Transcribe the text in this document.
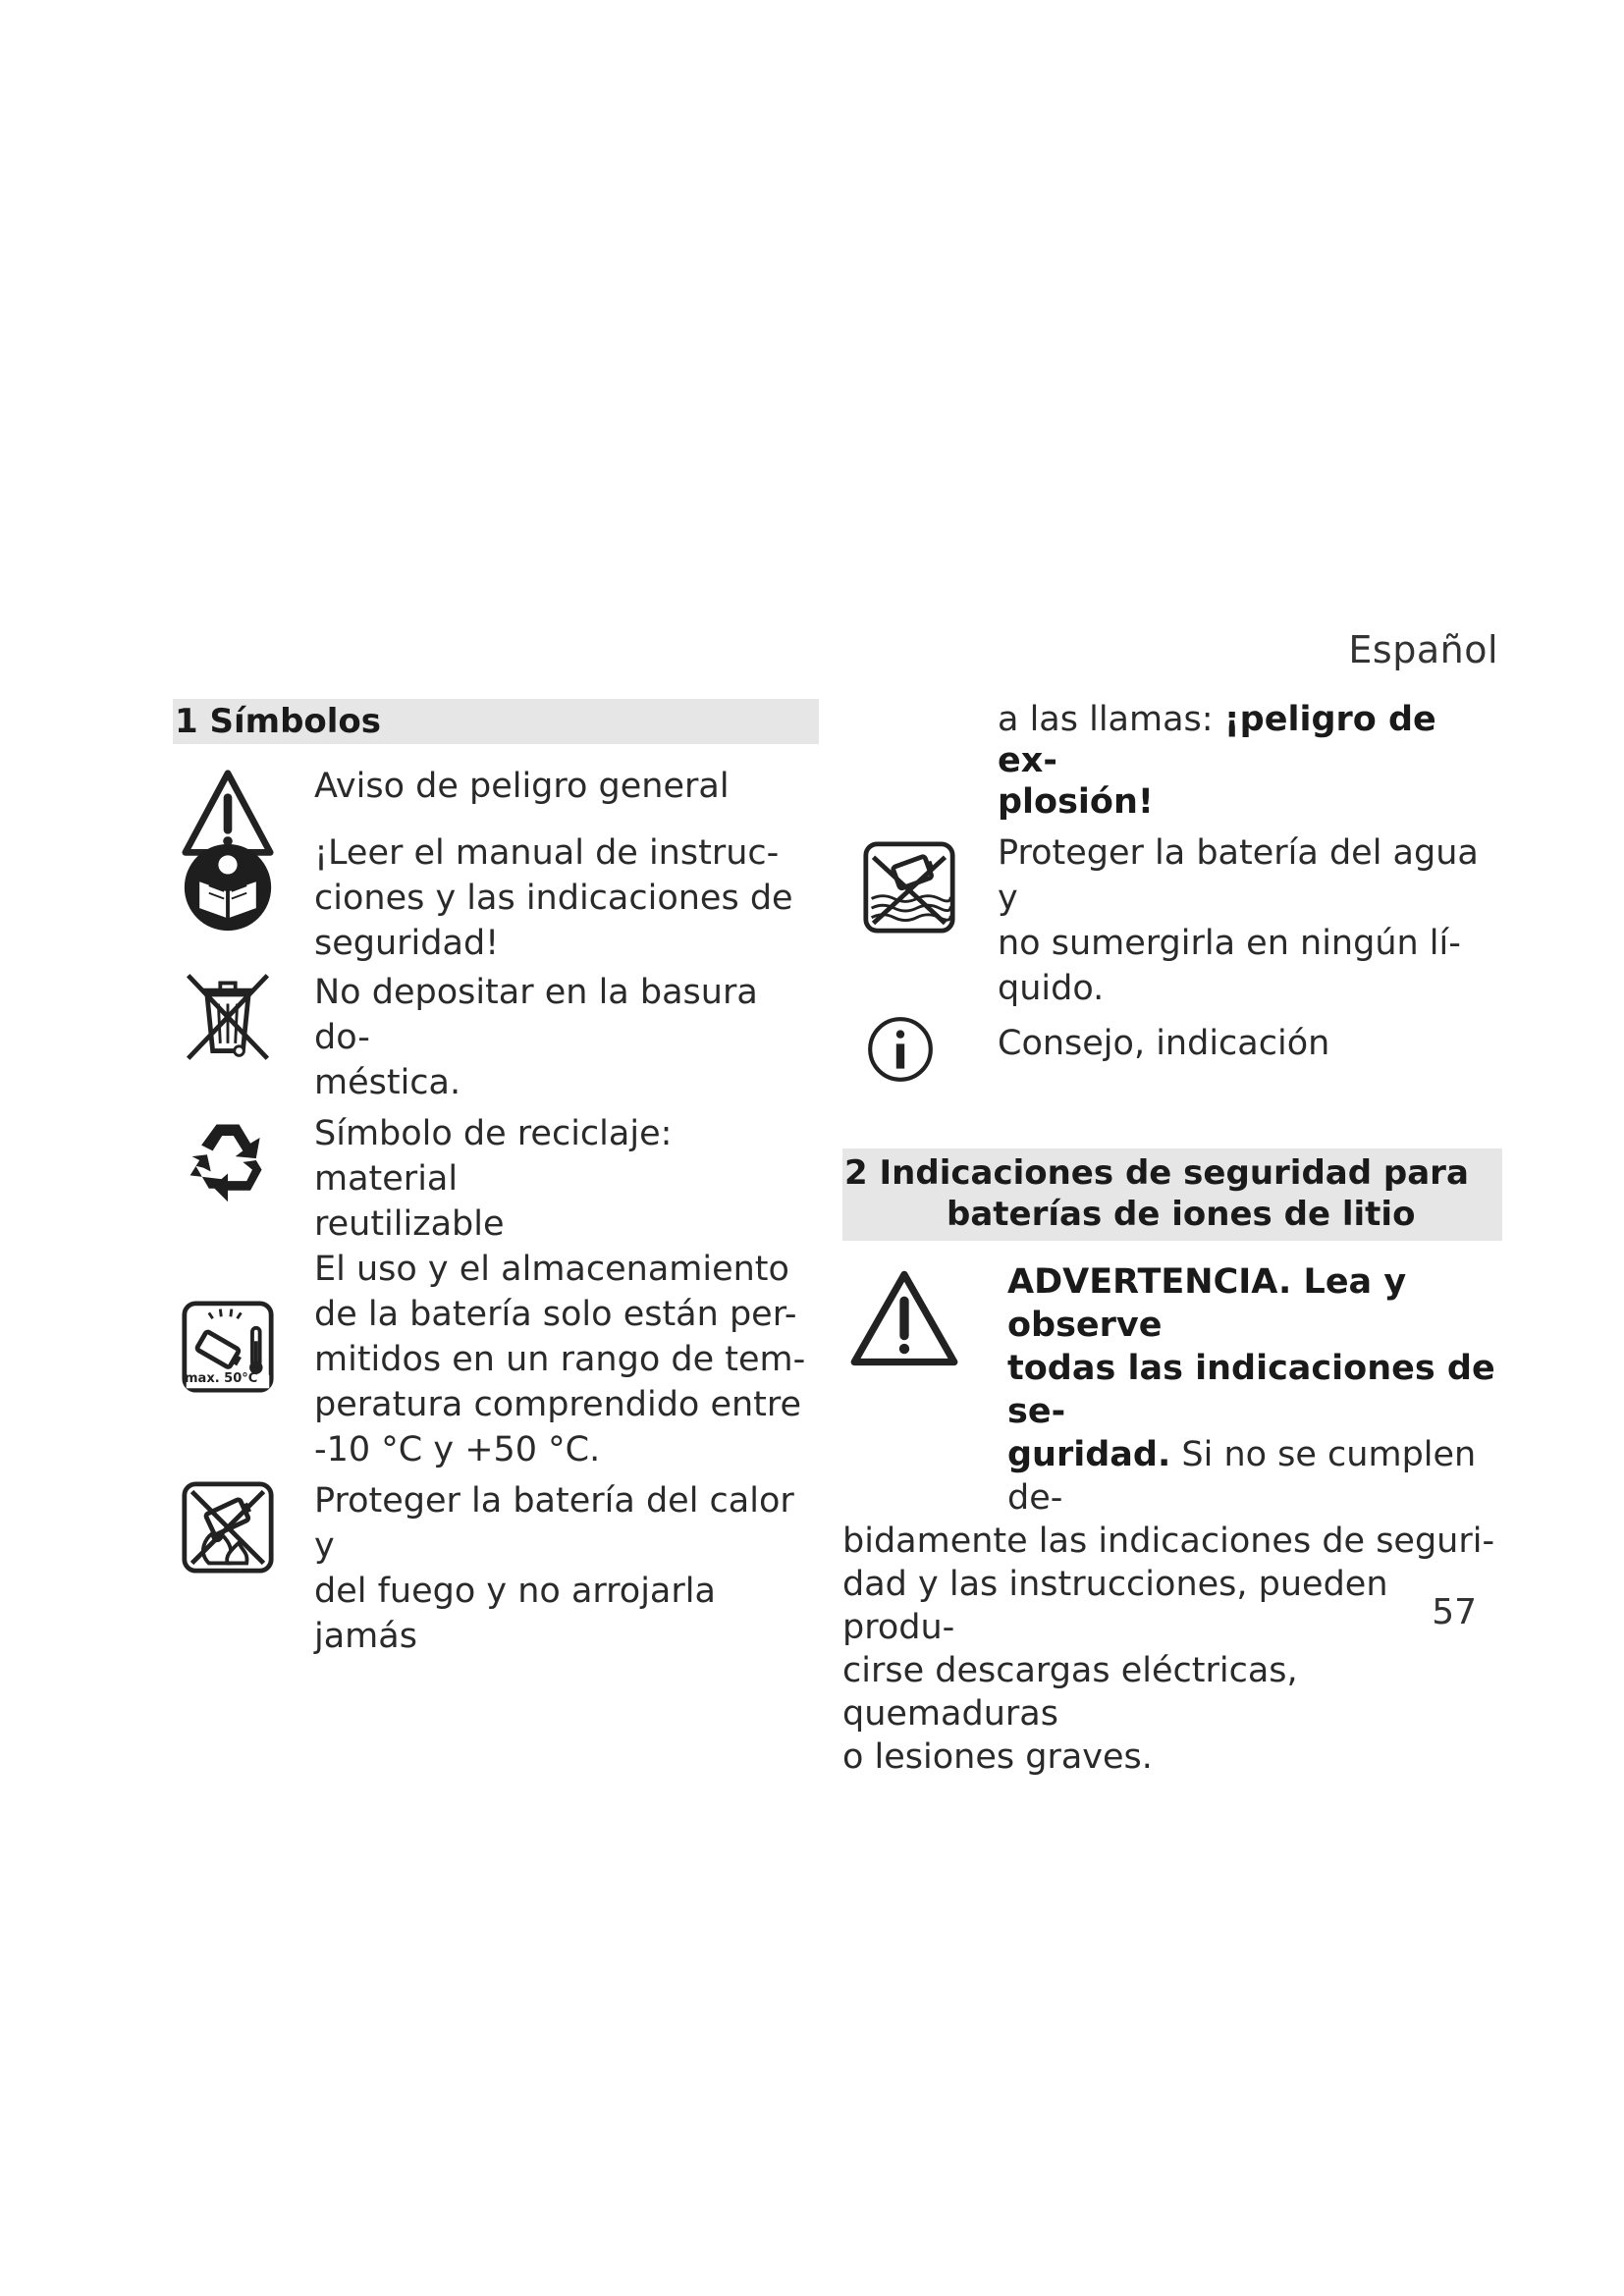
Español
1 Símbolos
Aviso de peligro general
¡Leer el manual de instruc-
ciones y las indicaciones de
seguridad!
No depositar en la basura do-
méstica.
Símbolo de reciclaje: material
reutilizable
max. 50°C
El uso y el almacenamiento
de la batería solo están per-
mitidos en un rango de tem-
peratura comprendido entre
-10 °C y +50 °C.
Proteger la batería del calor y
del fuego y no arrojarla jamás
a las llamas: ¡peligro de ex-
plosión!
Proteger la batería del agua y
no sumergirla en ningún lí-
quido.
Consejo, indicación
2 Indicaciones de seguridad para
baterías de iones de litio
ADVERTENCIA. Lea y observe
todas las indicaciones de se-
guridad. Si no se cumplen de-
bidamente las indicaciones de seguri-
dad y las instrucciones, pueden produ-
cirse descargas eléctricas, quemaduras
o lesiones graves.
57
